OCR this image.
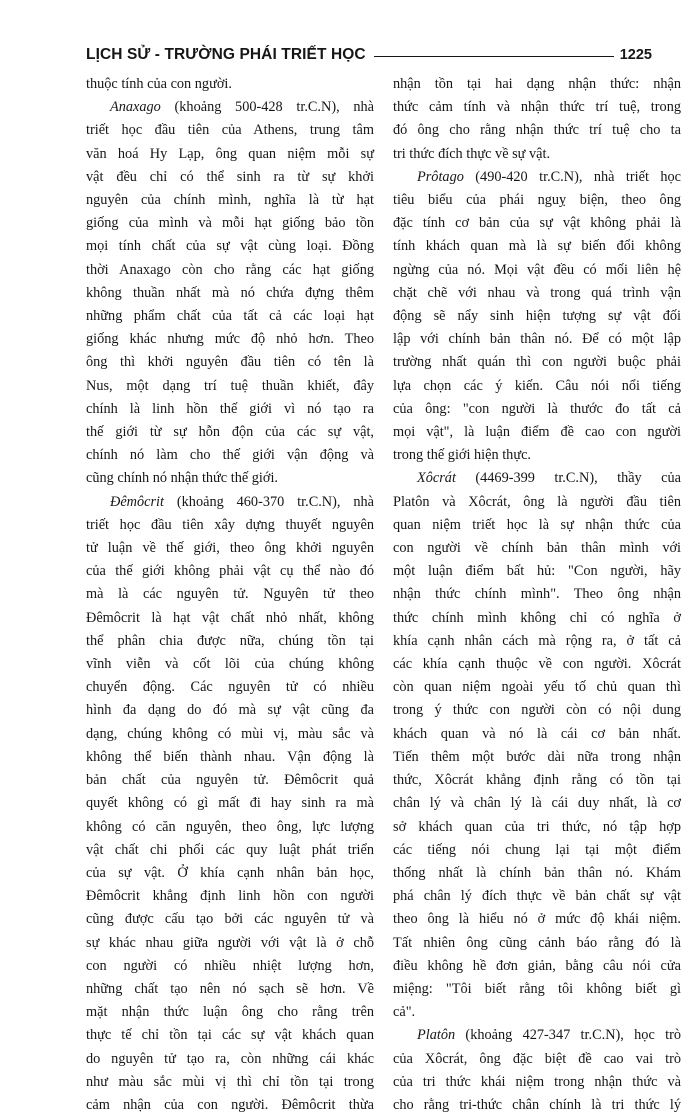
LỊCH SỬ - TRƯỜNG PHÁI TRIẾT HỌC	1225

thuộc tính của con người.

Anaxago (khoảng 500-428 tr.C.N), nhà

triết học đầu tiên của Athens, trung tâm

văn hoá Hy Lạp, ông quan niệm mỗi sự

vật đều chỉ có thể sinh ra từ sự khởi

nguyên của chính mình, nghĩa là từ hạt

giống của mình và mỗi hạt giống bảo tồn

mọi tính chất của sự vật cùng loại. Đồng

thời Anaxago còn cho rằng các hạt giống

không thuần nhất mà nó chứa đựng thêm

những phẩm chất của tất cả các loại hạt

giống khác nhưng mức độ nhỏ hơn. Theo

ông thì khởi nguyên đầu tiên có tên là

Nus, một dạng trí tuệ thuần khiết, đây

chính là linh hồn thế giới vì nó tạo ra

thế giới từ sự hỗn độn của các sự vật,

chính nó làm cho thế giới vận động và

cũng chính nó nhận thức thế giới.

Đêmôcrit (khoảng 460-370 tr.C.N), nhà

triết học đầu tiên xây dựng thuyết nguyên

tử luận về thế giới, theo ông khởi nguyên

của thế giới không phải vật cụ thể nào đó

mà là các nguyên tử. Nguyên tử theo

Đêmôcrit là hạt vật chất nhỏ nhất, không

thể phân chia được nữa, chúng tồn tại

vĩnh viễn và cốt lõi của chúng không

chuyển động. Các nguyên tử có nhiều

hình đa dạng do đó mà sự vật cũng đa

dạng, chúng không có mùi vị, màu sắc và

không thể biến thành nhau. Vận động là

bản chất của nguyên tử. Đêmôcrit quả

quyết không có gì mất đi hay sinh ra mà

không có căn nguyên, theo ông, lực lượng

vật chất chi phối các quy luật phát triển

của sự vật. Ở khía cạnh nhân bản học,

Đêmôcrit khẳng định linh hồn con người

cũng được cấu tạo bởi các nguyên tử và

sự khác nhau giữa người với vật là ở chỗ

con người có nhiều nhiệt lượng hơn,

những chất tạo nên nó sạch sẽ hơn. Về

mặt nhận thức luận ông cho rằng trên

thực tế chỉ tồn tại các sự vật khách quan

do nguyên tử tạo ra, còn những cái khác

như màu sắc mùi vị thì chỉ tồn tại trong

cảm nhận của con người. Đêmôcrit thừa

nhận tồn tại hai dạng nhận thức: nhận

thức cảm tính và nhận thức trí tuệ, trong

đó ông cho rằng nhận thức trí tuệ cho ta

tri thức đích thực về sự vật.

Prôtago (490-420 tr.C.N), nhà triết học

tiêu biểu của phái nguỵ biện, theo ông

đặc tính cơ bản của sự vật không phải là

tính khách quan mà là sự biến đổi không

ngừng của nó. Mọi vật đều có mối liên hệ

chặt chẽ với nhau và trong quá trình vận

động sẽ nẩy sinh hiện tượng sự vật đối

lập với chính bản thân nó. Để có một lập

trường nhất quán thì con người buộc phải

lựa chọn các ý kiến. Câu nói nổi tiếng

của ông: "con người là thước đo tất cả

mọi vật", là luận điểm đề cao con người

trong thế giới hiện thực.

Xôcrát (4469-399 tr.C.N), thầy của

Platôn và Xôcrát, ông là người đầu tiên

quan niệm triết học là sự nhận thức của

con người về chính bản thân mình với

một luận điểm bất hủ: "Con người, hãy

nhận thức chính mình". Theo ông nhận

thức chính mình không chỉ có nghĩa ở

khía cạnh nhân cách mà rộng ra, ở tất cả

các khía cạnh thuộc về con người. Xôcrát

còn quan niệm ngoài yếu tố chủ quan thì

trong ý thức con người còn có nội dung

khách quan và nó là cái cơ bản nhất.

Tiến thêm một bước dài nữa trong nhận

thức, Xôcrát khẳng định rằng có tồn tại

chân lý và chân lý là cái duy nhất, là cơ

sở khách quan của tri thức, nó tập hợp

các tiếng nói chung lại tại một điểm

thống nhất là chính bản thân nó. Khám

phá chân lý đích thực về bản chất sự vật

theo ông là hiểu nó ở mức độ khái niệm.

Tất nhiên ông cũng cảnh báo rằng đó là

điều không hề đơn giản, bằng câu nói cửa

miệng: "Tôi biết rằng tôi không biết gì

cả".

Platôn (khoảng 427-347 tr.C.N), học trò

của Xôcrát, ông đặc biệt đề cao vai trò

của tri thức khái niệm trong nhận thức và

cho rằng tri-thức chân chính là tri thức lý
